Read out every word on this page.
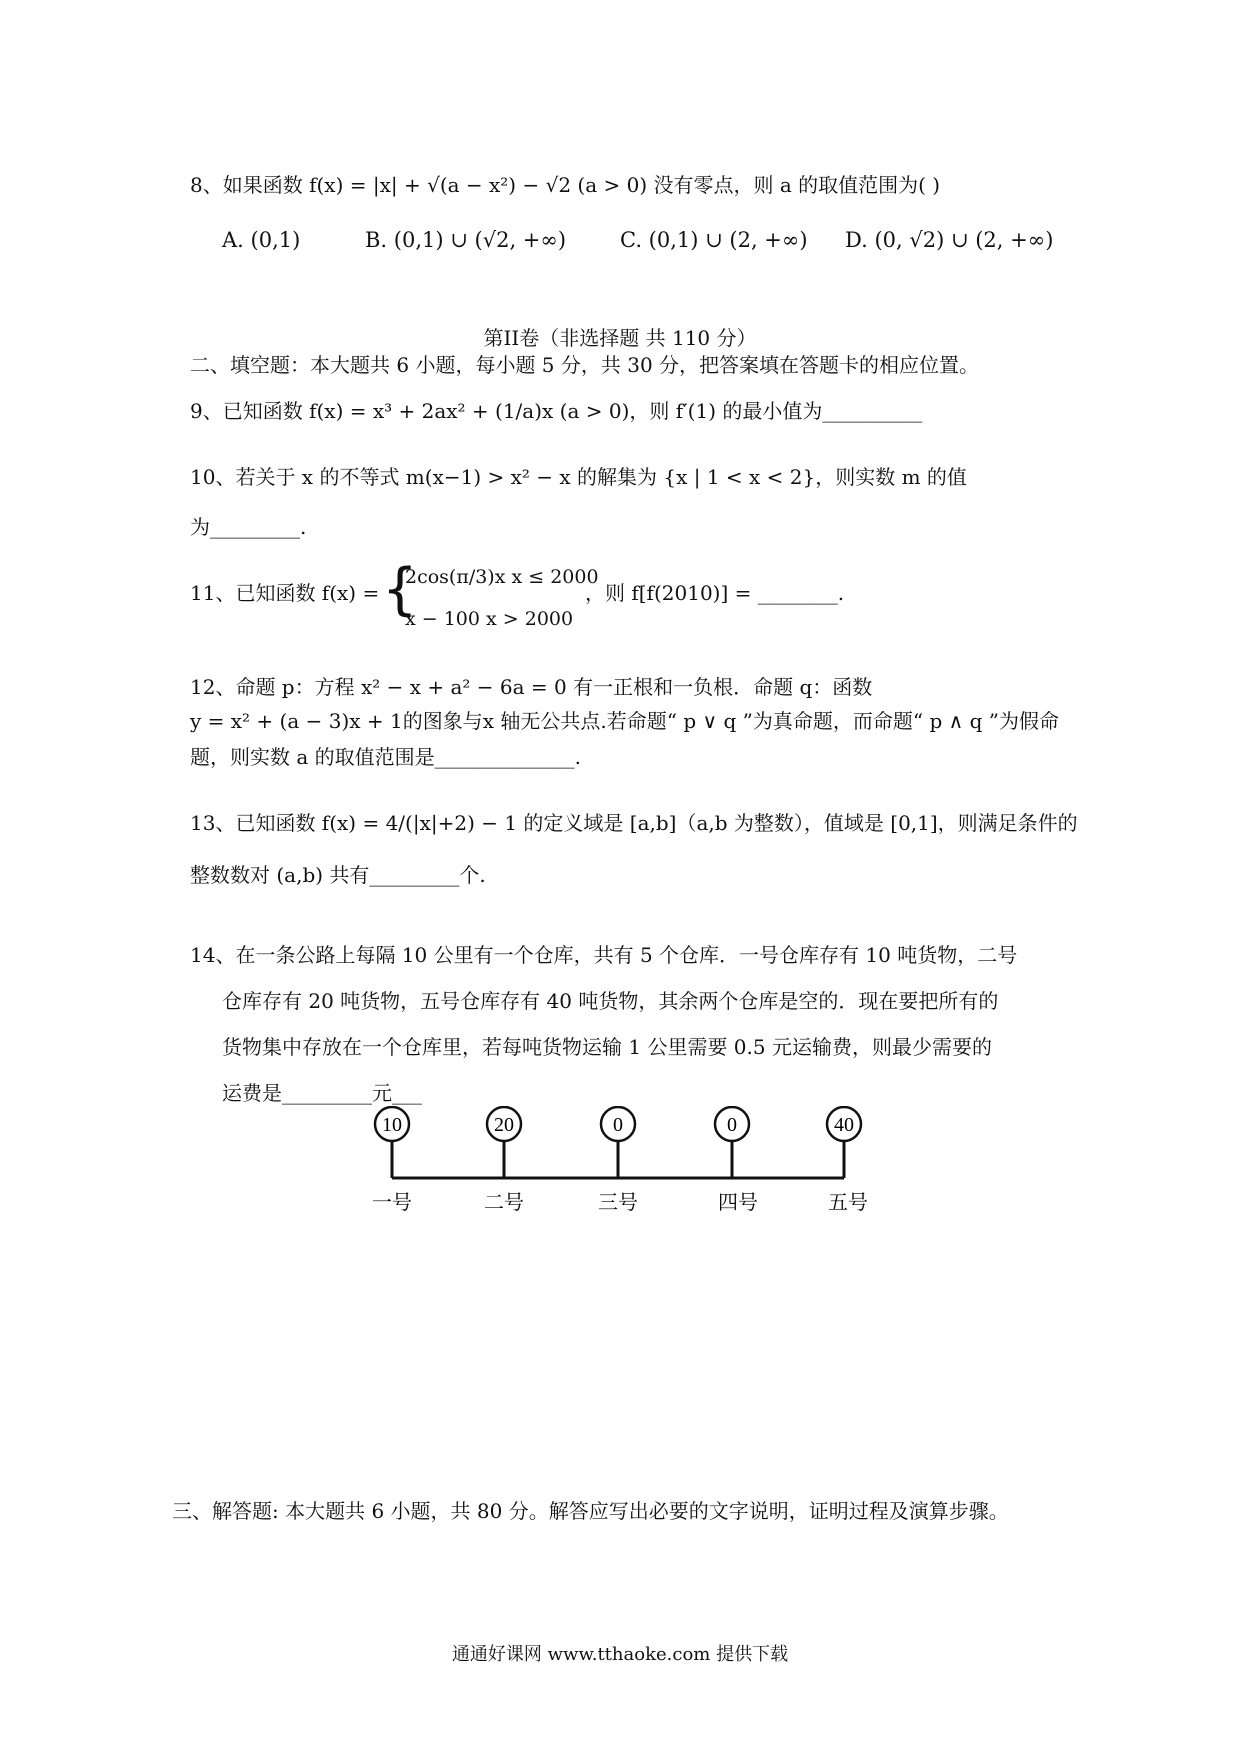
8、如果函数 f(x) = |x| + √(a − x²) − √2 (a > 0) 没有零点，则 a 的取值范围为( )
A. (0,1)	B. (0,1) ∪ (√2, +∞)	C. (0,1) ∪ (2, +∞) D. (0, √2) ∪ (2, +∞)
第II卷（非选择题 共 110 分）
二、填空题：本大题共 6 小题，每小题 5 分，共 30 分，把答案填在答题卡的相应位置。
9、已知函数 f(x) = x³ + 2ax² + (1/a)x (a > 0)，则 f′(1) 的最小值为__________
10、若关于 x 的不等式 m(x−1) > x² − x 的解集为 {x | 1 < x < 2}，则实数 m 的值
为_________.
11、已知函数 f(x) = {
2cos(π/3)x x ≤ 2000
x − 100 x > 2000
，则 f[f(2010)] = ________.
12、命题 p：方程 x² − x + a² − 6a = 0 有一正根和一负根．命题 q：函数
y = x² + (a − 3)x + 1的图象与x 轴无公共点.若命题“ p ∨ q ”为真命题，而命题“ p ∧ q ”为假命
题，则实数 a 的取值范围是______________.
13、已知函数 f(x) = 4/(|x|+2) − 1 的定义域是 [a,b]（a,b 为整数），值域是 [0,1]，则满足条件的
整数数对 (a,b) 共有_________个.
14、在一条公路上每隔 10 公里有一个仓库，共有 5 个仓库．一号仓库存有 10 吨货物，二号
仓库存有 20 吨货物，五号仓库存有 40 吨货物，其余两个仓库是空的．现在要把所有的
货物集中存放在一个仓库里，若每吨货物运输 1 公里需要 0.5 元运输费，则最少需要的
运费是_________元___
10
一号
20
二号
0
三号
0
四号
40
五号
三、解答题: 本大题共 6 小题，共 80 分。解答应写出必要的文字说明，证明过程及演算步骤。
通通好课网 www.tthaoke.com 提供下载
